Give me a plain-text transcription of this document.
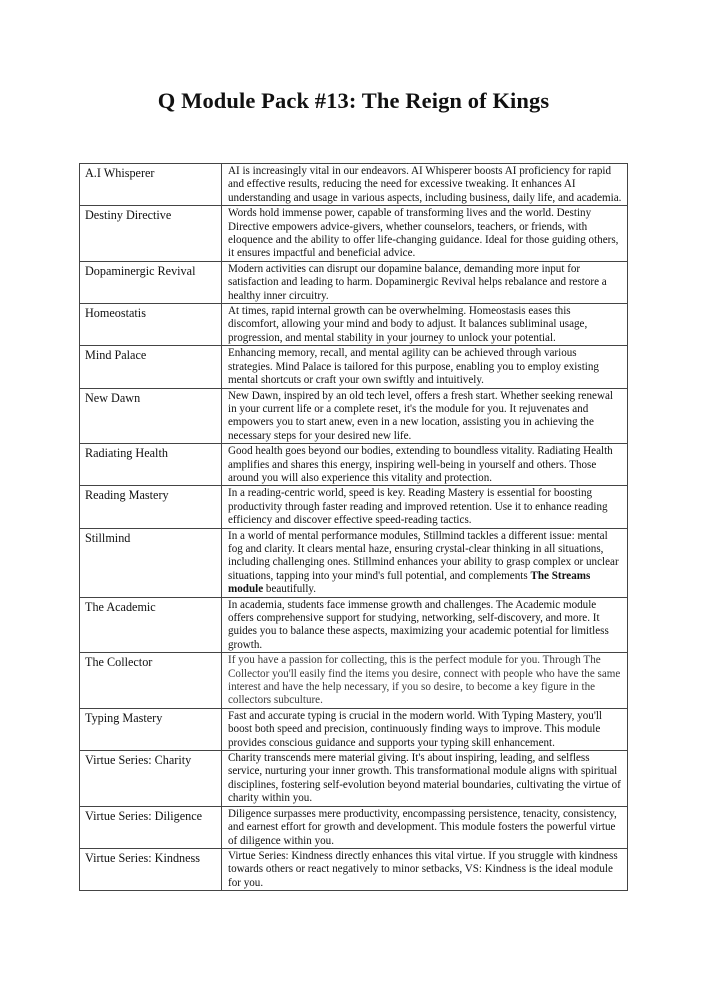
Q Module Pack #13: The Reign of Kings
A.I Whisperer	AI is increasingly vital in our endeavors. AI Whisperer boosts AI proficiency for rapid and effective results, reducing the need for excessive tweaking. It enhances AI understanding and usage in various aspects, including business, daily life, and academia.
Destiny Directive	Words hold immense power, capable of transforming lives and the world. Destiny Directive empowers advice-givers, whether counselors, teachers, or friends, with eloquence and the ability to offer life-changing guidance. Ideal for those guiding others, it ensures impactful and beneficial advice.
Dopaminergic Revival	Modern activities can disrupt our dopamine balance, demanding more input for satisfaction and leading to harm. Dopaminergic Revival helps rebalance and restore a healthy inner circuitry.
Homeostatis	At times, rapid internal growth can be overwhelming. Homeostasis eases this discomfort, allowing your mind and body to adjust. It balances subliminal usage, progression, and mental stability in your journey to unlock your potential.
Mind Palace	Enhancing memory, recall, and mental agility can be achieved through various strategies. Mind Palace is tailored for this purpose, enabling you to employ existing mental shortcuts or craft your own swiftly and intuitively.
New Dawn	New Dawn, inspired by an old tech level, offers a fresh start. Whether seeking renewal in your current life or a complete reset, it's the module for you. It rejuvenates and empowers you to start anew, even in a new location, assisting you in achieving the necessary steps for your desired new life.
Radiating Health	Good health goes beyond our bodies, extending to boundless vitality. Radiating Health amplifies and shares this energy, inspiring well-being in yourself and others. Those around you will also experience this vitality and protection.
Reading Mastery	In a reading-centric world, speed is key. Reading Mastery is essential for boosting productivity through faster reading and improved retention. Use it to enhance reading efficiency and discover effective speed-reading tactics.
Stillmind	In a world of mental performance modules, Stillmind tackles a different issue: mental fog and clarity. It clears mental haze, ensuring crystal-clear thinking in all situations, including challenging ones. Stillmind enhances your ability to grasp complex or unclear situations, tapping into your mind's full potential, and complements The Streams module beautifully.
The Academic	In academia, students face immense growth and challenges. The Academic module offers comprehensive support for studying, networking, self-discovery, and more. It guides you to balance these aspects, maximizing your academic potential for limitless growth.
The Collector	If you have a passion for collecting, this is the perfect module for you. Through The Collector you'll easily find the items you desire, connect with people who have the same interest and have the help necessary, if you so desire, to become a key figure in the collectors subculture.
Typing Mastery	Fast and accurate typing is crucial in the modern world. With Typing Mastery, you'll boost both speed and precision, continuously finding ways to improve. This module provides conscious guidance and supports your typing skill enhancement.
Virtue Series: Charity	Charity transcends mere material giving. It's about inspiring, leading, and selfless service, nurturing your inner growth. This transformational module aligns with spiritual disciplines, fostering self-evolution beyond material boundaries, cultivating the virtue of charity within you.
Virtue Series: Diligence	Diligence surpasses mere productivity, encompassing persistence, tenacity, consistency, and earnest effort for growth and development. This module fosters the powerful virtue of diligence within you.
Virtue Series: Kindness	Virtue Series: Kindness directly enhances this vital virtue. If you struggle with kindness towards others or react negatively to minor setbacks, VS: Kindness is the ideal module for you.
